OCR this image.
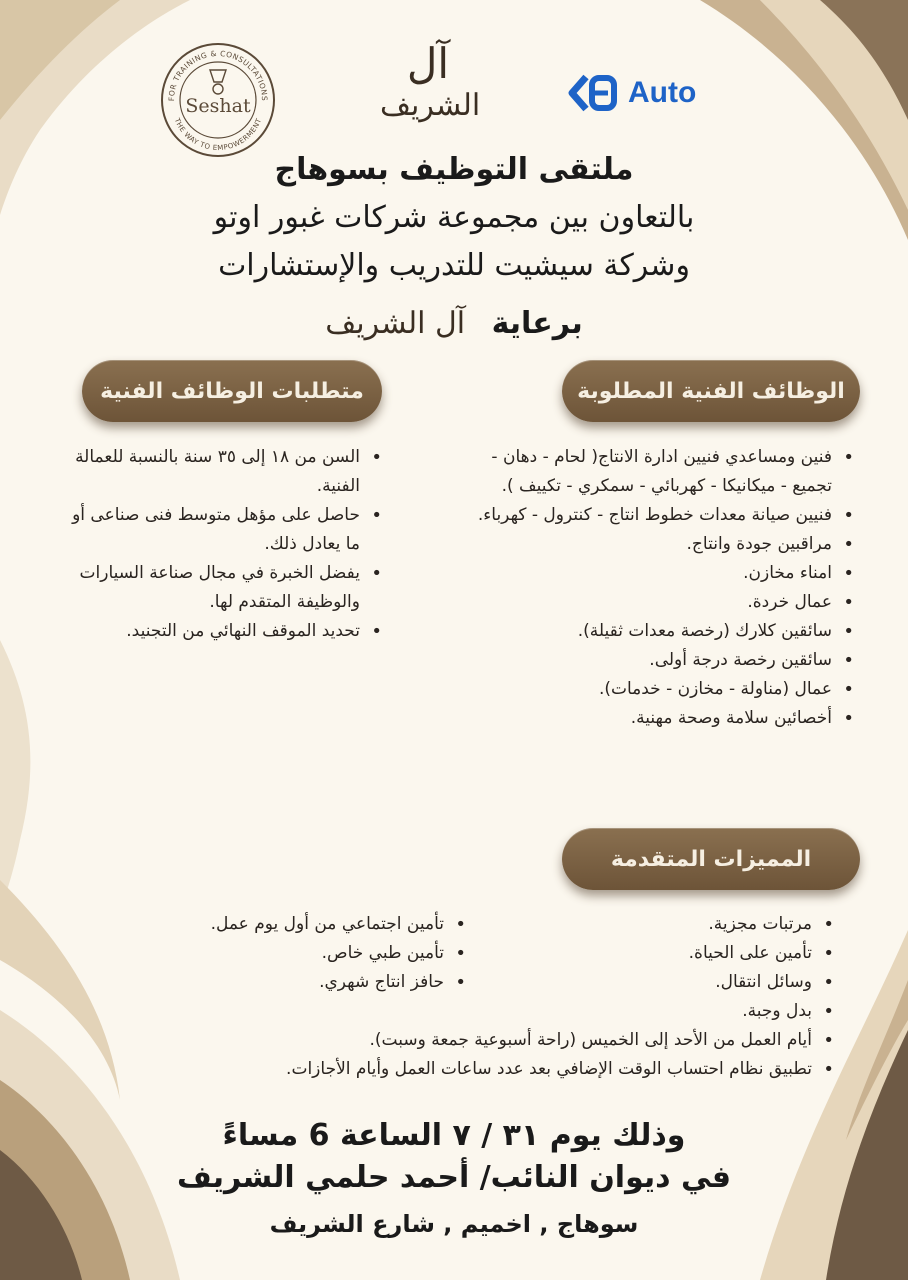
FOR TRAINING & CONSULTATIONS
THE WAY TO EMPOWERMENT
Seshat
آل
الشريف	Auto
ملتقى التوظيف بسوهاج
بالتعاون بين مجموعة شركات غبور اوتو
وشركة سيشيت للتدريب والإستشارات
برعاية آل الشريف
الوظائف الفنية المطلوبة
متطلبات الوظائف الفنية
المميزات المتقدمة
• فنين ومساعدي فنيين ادارة الانتاج( لحام - دهان - تجميع - ميكانيكا - كهربائي - سمكري - تكييف ).
• فنيين صيانة معدات خطوط انتاج - كنترول - كهرباء.
• مراقبين جودة وانتاج.
• امناء مخازن.
• عمال خردة.
• سائقين كلارك (رخصة معدات ثقيلة).
• سائقين رخصة درجة أولى.
• عمال (مناولة - مخازن - خدمات).
• أخصائين سلامة وصحة مهنية.
• السن من ١٨ إلى ٣٥ سنة بالنسبة للعمالة الفنية.
• حاصل على مؤهل متوسط فنى صناعى أو ما يعادل ذلك.
• يفضل الخبرة في مجال صناعة السيارات والوظيفة المتقدم لها.
• تحديد الموقف النهائي من التجنيد.
• مرتبات مجزية.
• تأمين على الحياة.
• وسائل انتقال.
• تأمين اجتماعي من أول يوم عمل.
• تأمين طبي خاص.
• حافز انتاج شهري.
• بدل وجبة.
• أيام العمل من الأحد إلى الخميس (راحة أسبوعية جمعة وسبت).
• تطبيق نظام احتساب الوقت الإضافي بعد عدد ساعات العمل وأيام الأجازات.
وذلك يوم ٣١ / ٧ الساعة 6 مساءً
في ديوان النائب/ أحمد حلمي الشريف
سوهاج , اخميم , شارع الشريف
